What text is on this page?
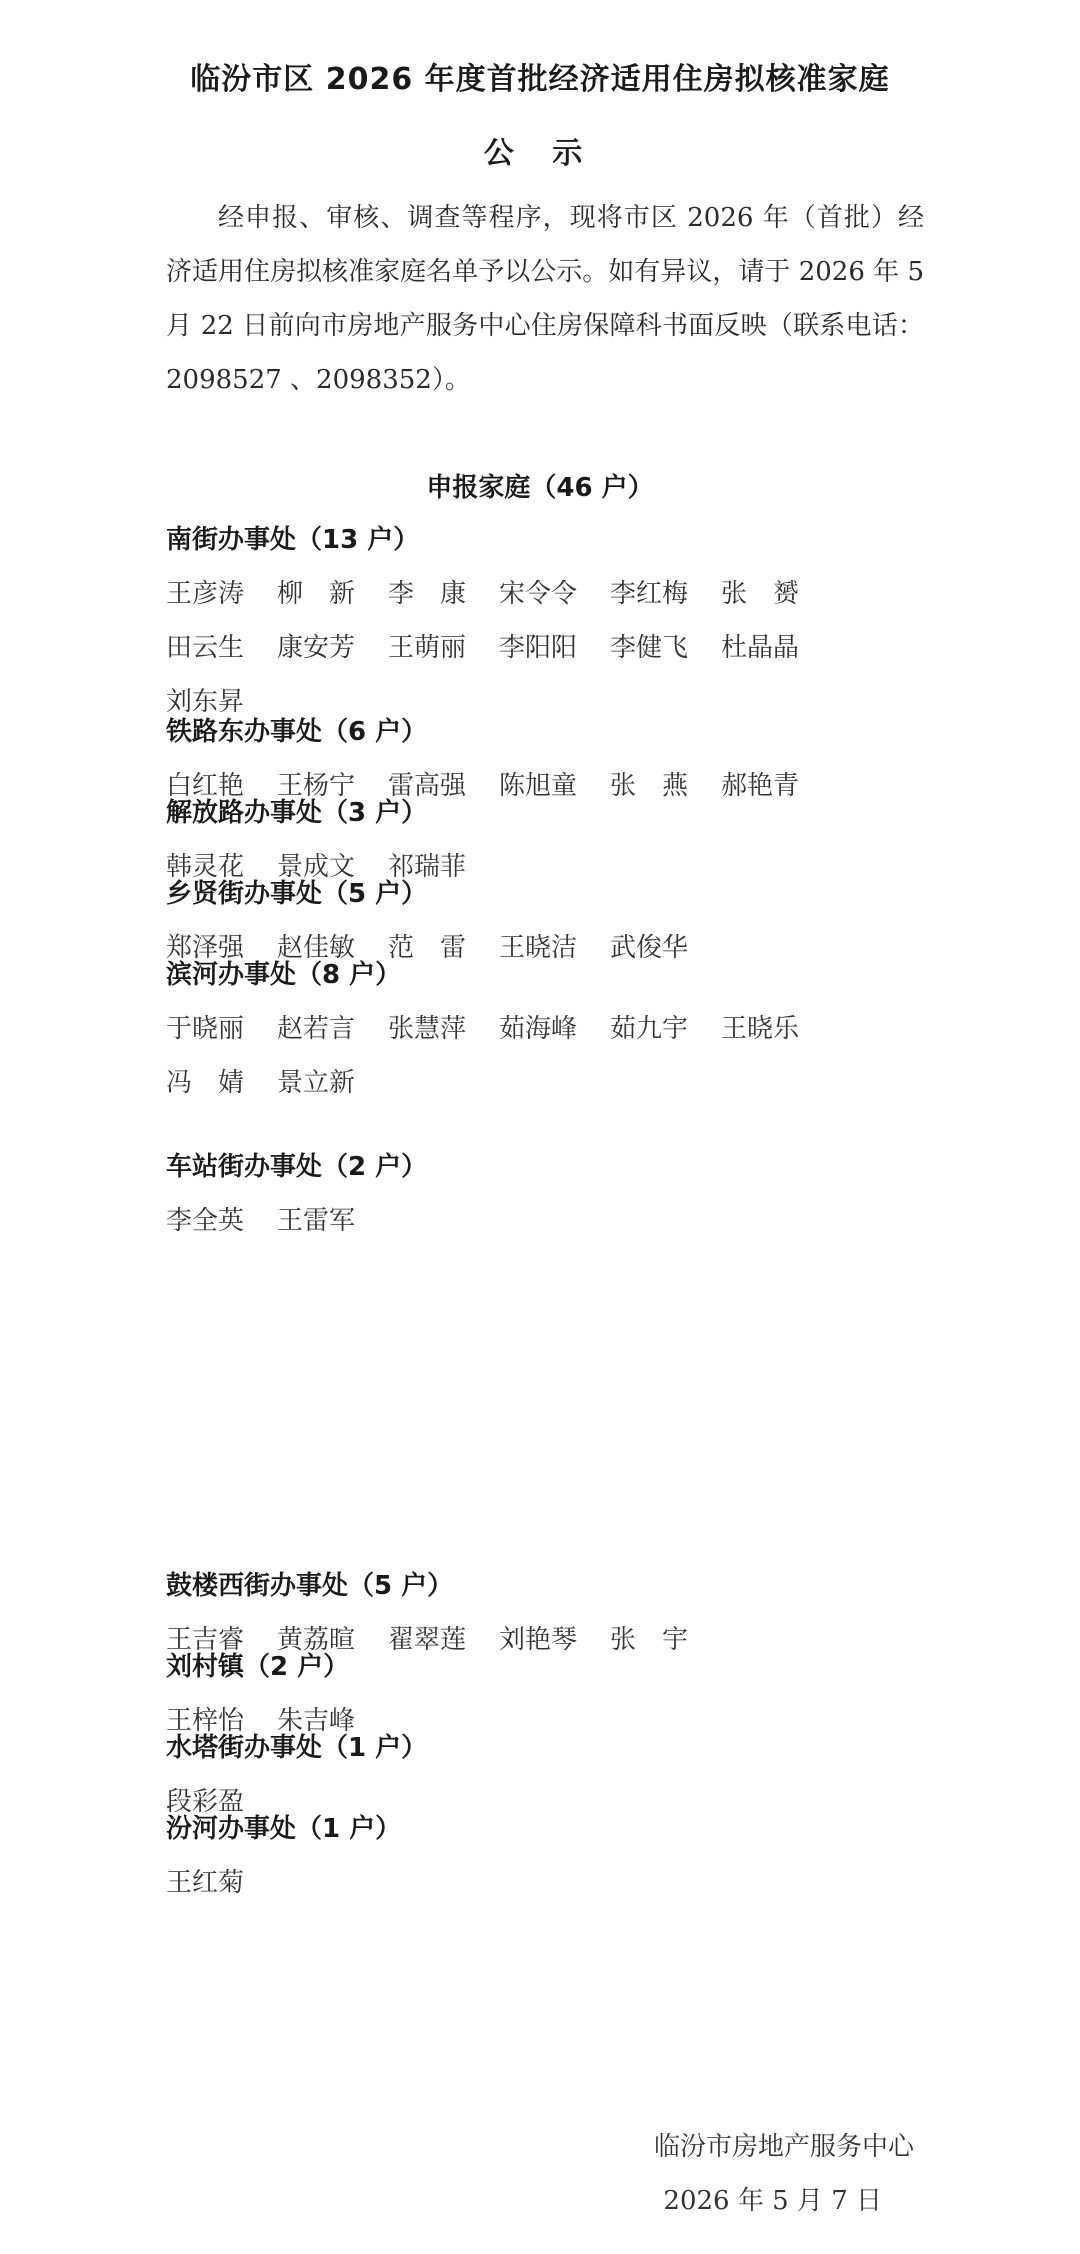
临汾市区 2026 年度首批经济适用住房拟核准家庭
公 示

经申报、审核、调查等程序，现将市区 2026 年（首批）经济适用住房拟核准家庭名单予以公示。如有异议，请于 2026 年 5 月 22 日前向市房地产服务中心住房保障科书面反映（联系电话：2098527 、2098352）。

申报家庭（46 户）
南街办事处（13 户）
王彦涛	柳　新	李　康	宋令令	李红梅	张　赟
田云生	康安芳	王萌丽	李阳阳	李健飞	杜晶晶
刘东昇
铁路东办事处（6 户）
白红艳	王杨宁	雷高强	陈旭童	张　燕	郝艳青
解放路办事处（3 户）
韩灵花	景成文	祁瑞菲
乡贤街办事处（5 户）
郑泽强	赵佳敏	范　雷	王晓洁	武俊华
滨河办事处（8 户）
于晓丽	赵若言	张慧萍	茹海峰	茹九宇	王晓乐
冯　婧	景立新
车站街办事处（2 户）
李全英	王雷军
鼓楼西街办事处（5 户）
王吉睿	黄荔暄	翟翠莲	刘艳琴	张　宇
刘村镇（2 户）
王梓怡	朱吉峰
水塔街办事处（1 户）
段彩盈
汾河办事处（1 户）
王红菊
临汾市房地产服务中心
2026 年 5 月 7 日
